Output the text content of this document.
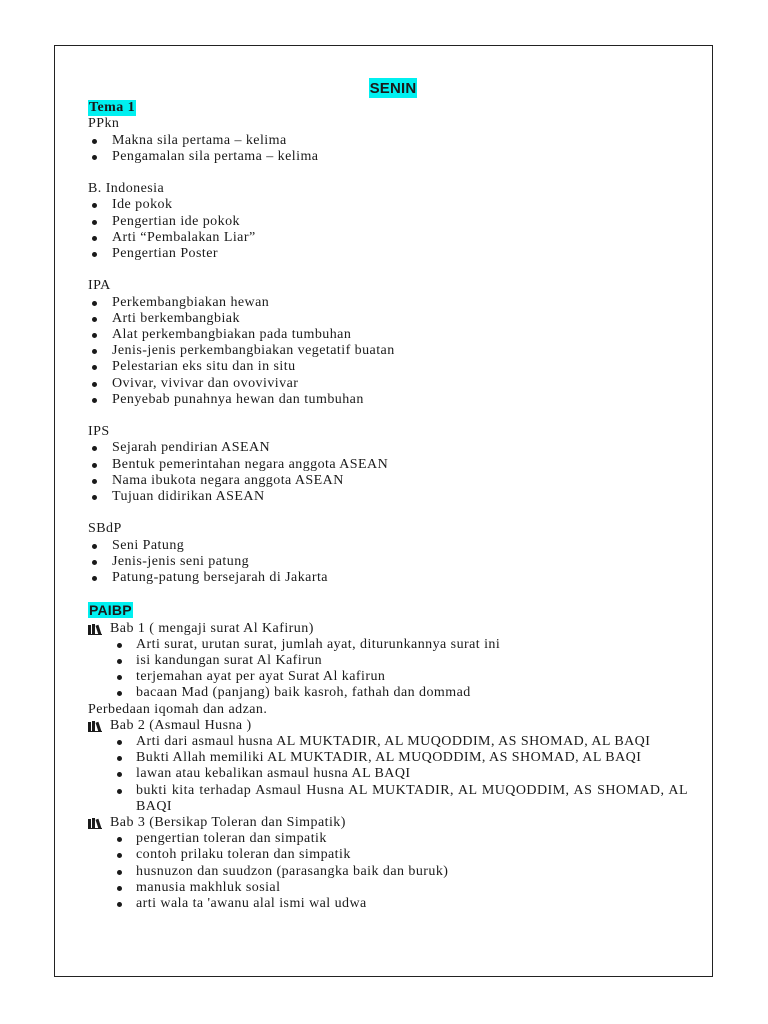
SENIN
Tema 1
PPkn
Makna sila pertama – kelima
Pengamalan sila pertama – kelima
B. Indonesia
Ide pokok
Pengertian ide pokok
Arti “Pembalakan Liar”
Pengertian Poster
IPA
Perkembangbiakan hewan
Arti berkembangbiak
Alat perkembangbiakan pada tumbuhan
Jenis-jenis perkembangbiakan vegetatif buatan
Pelestarian eks situ dan in situ
Ovivar, vivivar dan ovovivivar
Penyebab punahnya hewan dan tumbuhan
IPS
Sejarah pendirian ASEAN
Bentuk pemerintahan negara anggota ASEAN
Nama ibukota negara anggota ASEAN
Tujuan didirikan ASEAN
SBdP
Seni Patung
Jenis-jenis seni patung
Patung-patung bersejarah di Jakarta
PAIBP
Bab 1 ( mengaji surat Al Kafirun)
Arti surat, urutan surat, jumlah ayat, diturunkannya surat ini
isi kandungan surat Al Kafirun
terjemahan ayat per ayat Surat Al kafirun
bacaan Mad (panjang) baik kasroh, fathah dan dommad
Perbedaan iqomah dan adzan.
Bab 2 (Asmaul Husna )
Arti dari asmaul husna AL MUKTADIR, AL MUQODDIM, AS SHOMAD, AL BAQI
Bukti Allah memiliki AL MUKTADIR, AL MUQODDIM, AS SHOMAD, AL BAQI
lawan atau kebalikan asmaul husna AL BAQI
bukti kita terhadap Asmaul Husna AL MUKTADIR, AL MUQODDIM, AS SHOMAD, AL BAQI
Bab 3 (Bersikap Toleran dan Simpatik)
pengertian toleran dan simpatik
contoh prilaku toleran dan simpatik
husnuzon dan suudzon (parasangka baik dan buruk)
manusia makhluk sosial
arti wala ta 'awanu alal ismi wal udwa
